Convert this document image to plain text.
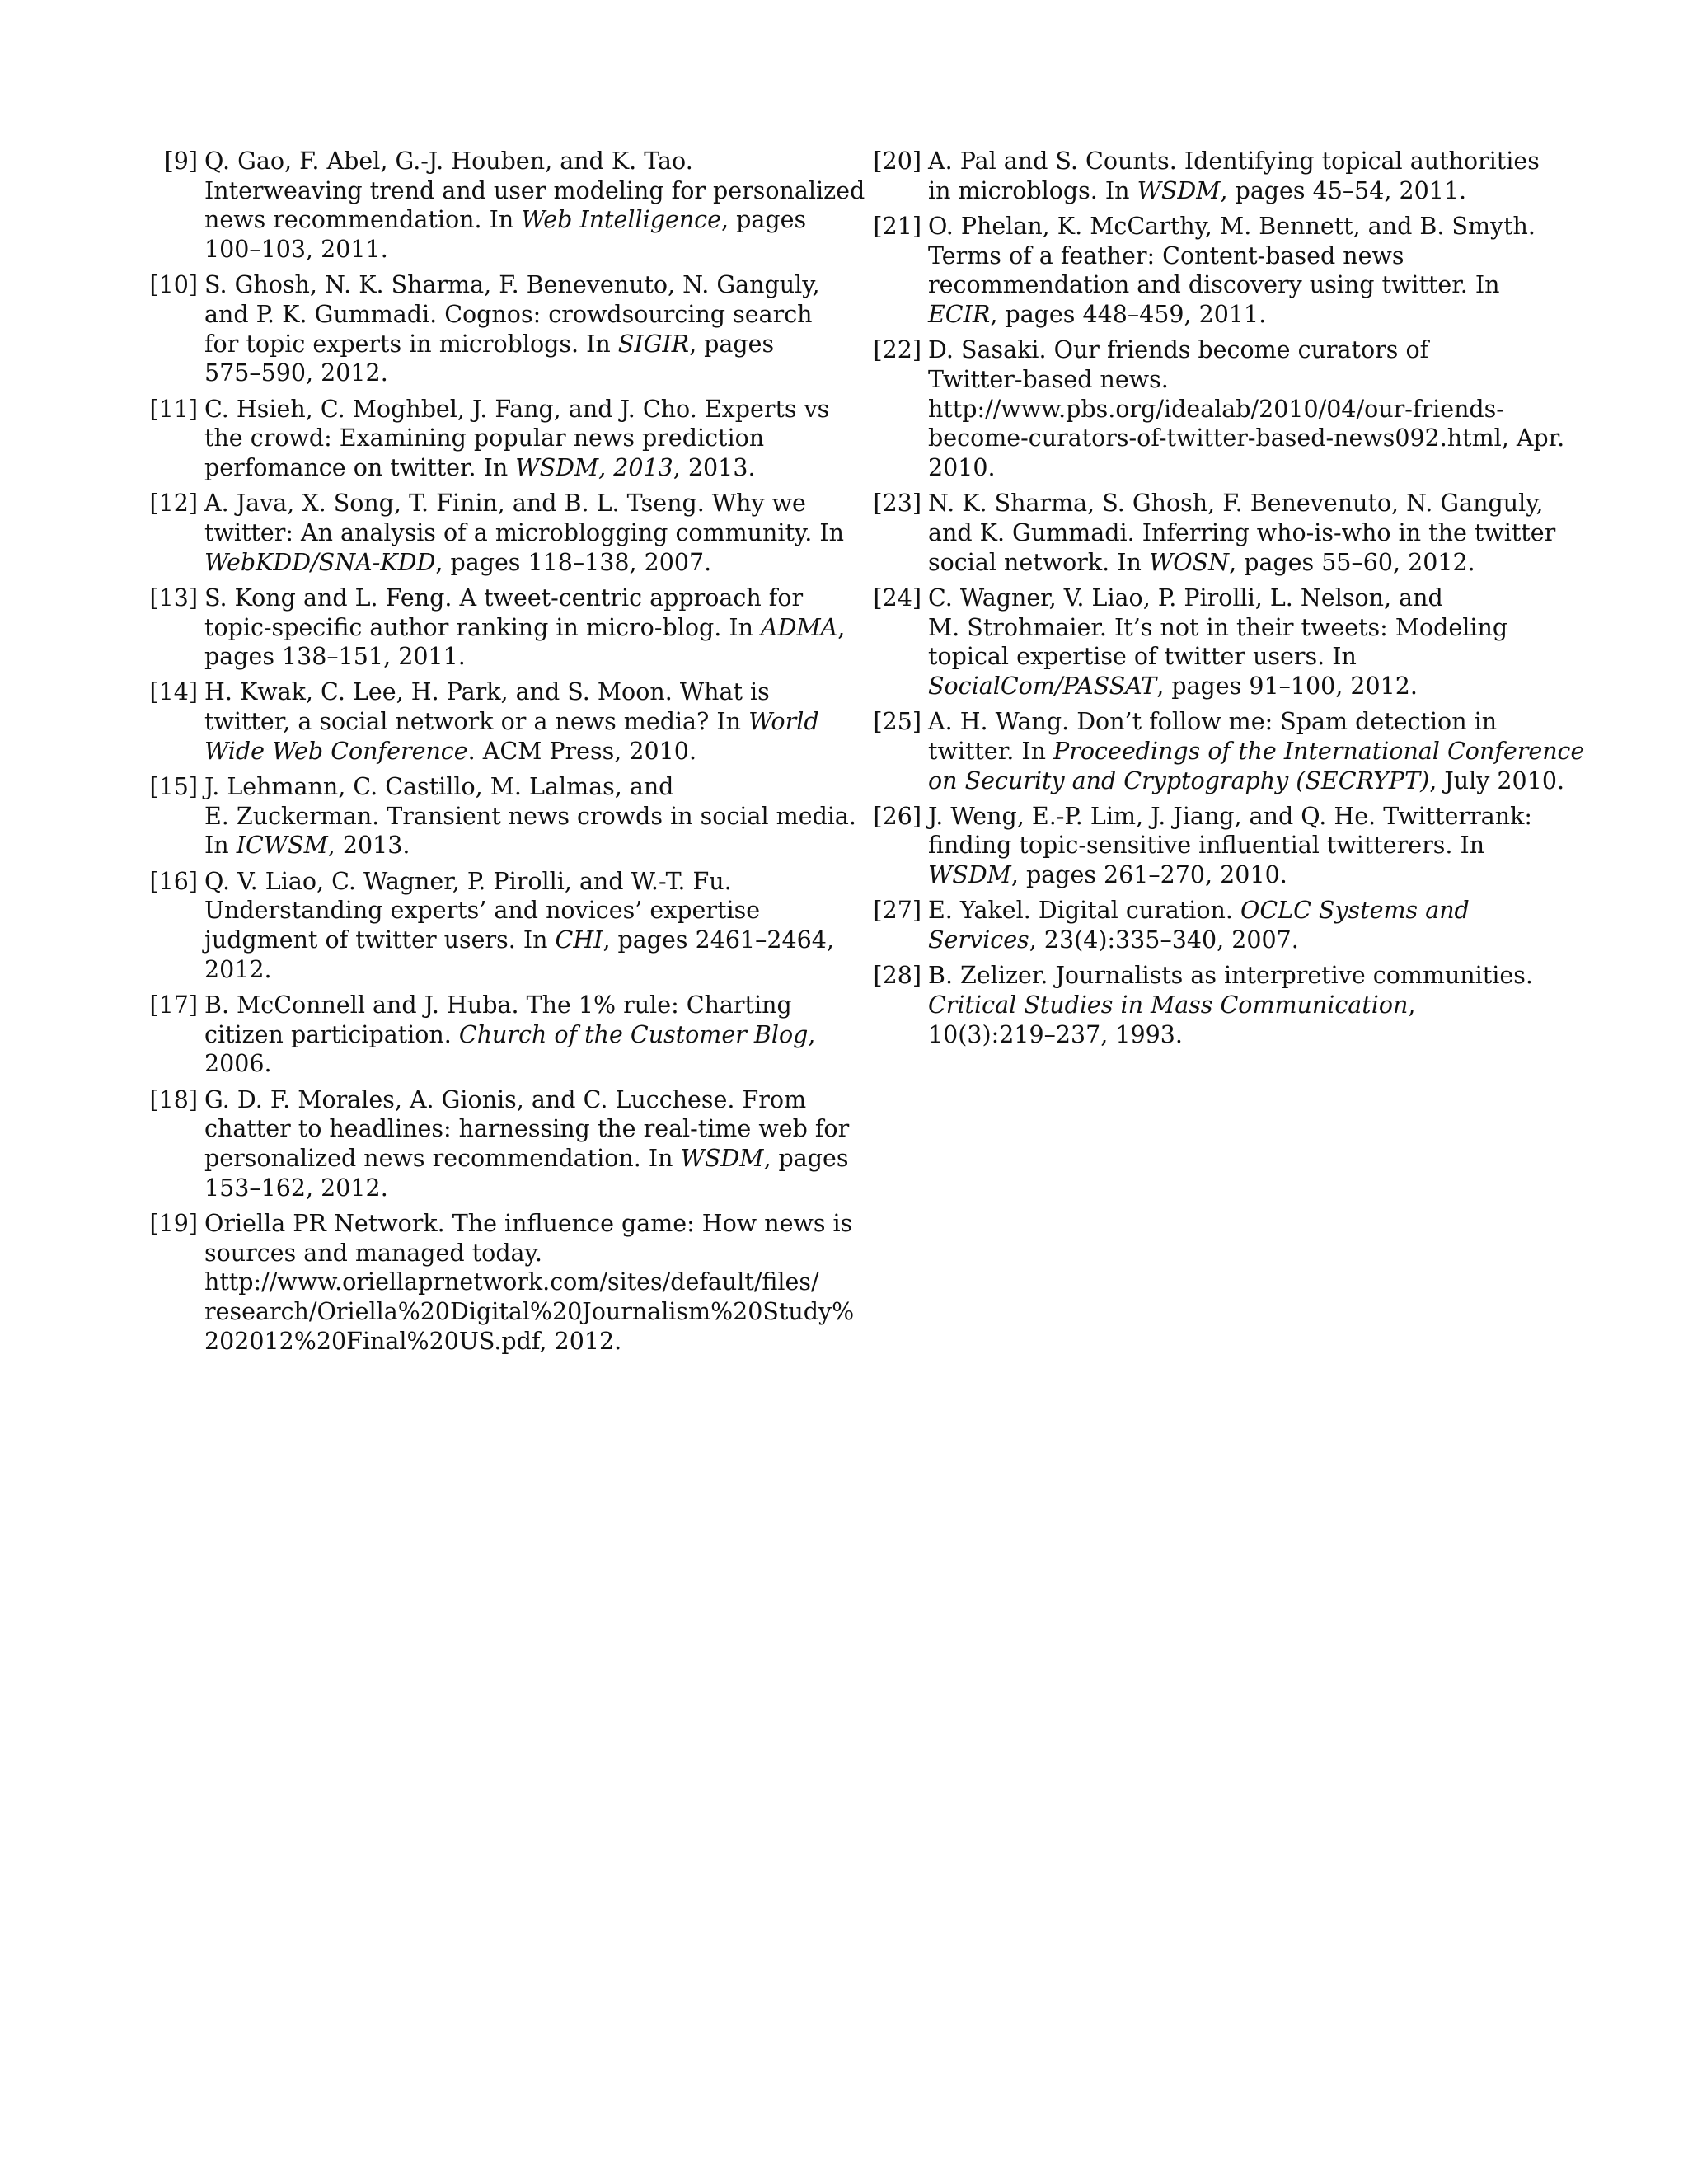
[9] Q. Gao, F. Abel, G.-J. Houben, and K. Tao.
Interweaving trend and user modeling for personalized
news recommendation. In Web Intelligence, pages
100–103, 2011.
[10] S. Ghosh, N. K. Sharma, F. Benevenuto, N. Ganguly,
and P. K. Gummadi. Cognos: crowdsourcing search
for topic experts in microblogs. In SIGIR, pages
575–590, 2012.
[11] C. Hsieh, C. Moghbel, J. Fang, and J. Cho. Experts vs
the crowd: Examining popular news prediction
perfomance on twitter. In WSDM, 2013, 2013.
[12] A. Java, X. Song, T. Finin, and B. L. Tseng. Why we
twitter: An analysis of a microblogging community. In
WebKDD/SNA-KDD, pages 118–138, 2007.
[13] S. Kong and L. Feng. A tweet-centric approach for
topic-specific author ranking in micro-blog. In ADMA,
pages 138–151, 2011.
[14] H. Kwak, C. Lee, H. Park, and S. Moon. What is
twitter, a social network or a news media? In World
Wide Web Conference. ACM Press, 2010.
[15] J. Lehmann, C. Castillo, M. Lalmas, and
E. Zuckerman. Transient news crowds in social media.
In ICWSM, 2013.
[16] Q. V. Liao, C. Wagner, P. Pirolli, and W.-T. Fu.
Understanding experts’ and novices’ expertise
judgment of twitter users. In CHI, pages 2461–2464,
2012.
[17] B. McConnell and J. Huba. The 1% rule: Charting
citizen participation. Church of the Customer Blog,
2006.
[18] G. D. F. Morales, A. Gionis, and C. Lucchese. From
chatter to headlines: harnessing the real-time web for
personalized news recommendation. In WSDM, pages
153–162, 2012.
[19] Oriella PR Network. The influence game: How news is
sources and managed today.
http://www.oriellaprnetwork.com/sites/default/files/
research/Oriella%20Digital%20Journalism%20Study%
202012%20Final%20US.pdf, 2012.
[20] A. Pal and S. Counts. Identifying topical authorities
in microblogs. In WSDM, pages 45–54, 2011.
[21] O. Phelan, K. McCarthy, M. Bennett, and B. Smyth.
Terms of a feather: Content-based news
recommendation and discovery using twitter. In
ECIR, pages 448–459, 2011.
[22] D. Sasaki. Our friends become curators of
Twitter-based news.
http://www.pbs.org/idealab/2010/04/our-friends-
become-curators-of-twitter-based-news092.html, Apr.
2010.
[23] N. K. Sharma, S. Ghosh, F. Benevenuto, N. Ganguly,
and K. Gummadi. Inferring who-is-who in the twitter
social network. In WOSN, pages 55–60, 2012.
[24] C. Wagner, V. Liao, P. Pirolli, L. Nelson, and
M. Strohmaier. It’s not in their tweets: Modeling
topical expertise of twitter users. In
SocialCom/PASSAT, pages 91–100, 2012.
[25] A. H. Wang. Don’t follow me: Spam detection in
twitter. In Proceedings of the International Conference
on Security and Cryptography (SECRYPT), July 2010.
[26] J. Weng, E.-P. Lim, J. Jiang, and Q. He. Twitterrank:
finding topic-sensitive influential twitterers. In
WSDM, pages 261–270, 2010.
[27] E. Yakel. Digital curation. OCLC Systems and
Services, 23(4):335–340, 2007.
[28] B. Zelizer. Journalists as interpretive communities.
Critical Studies in Mass Communication,
10(3):219–237, 1993.
